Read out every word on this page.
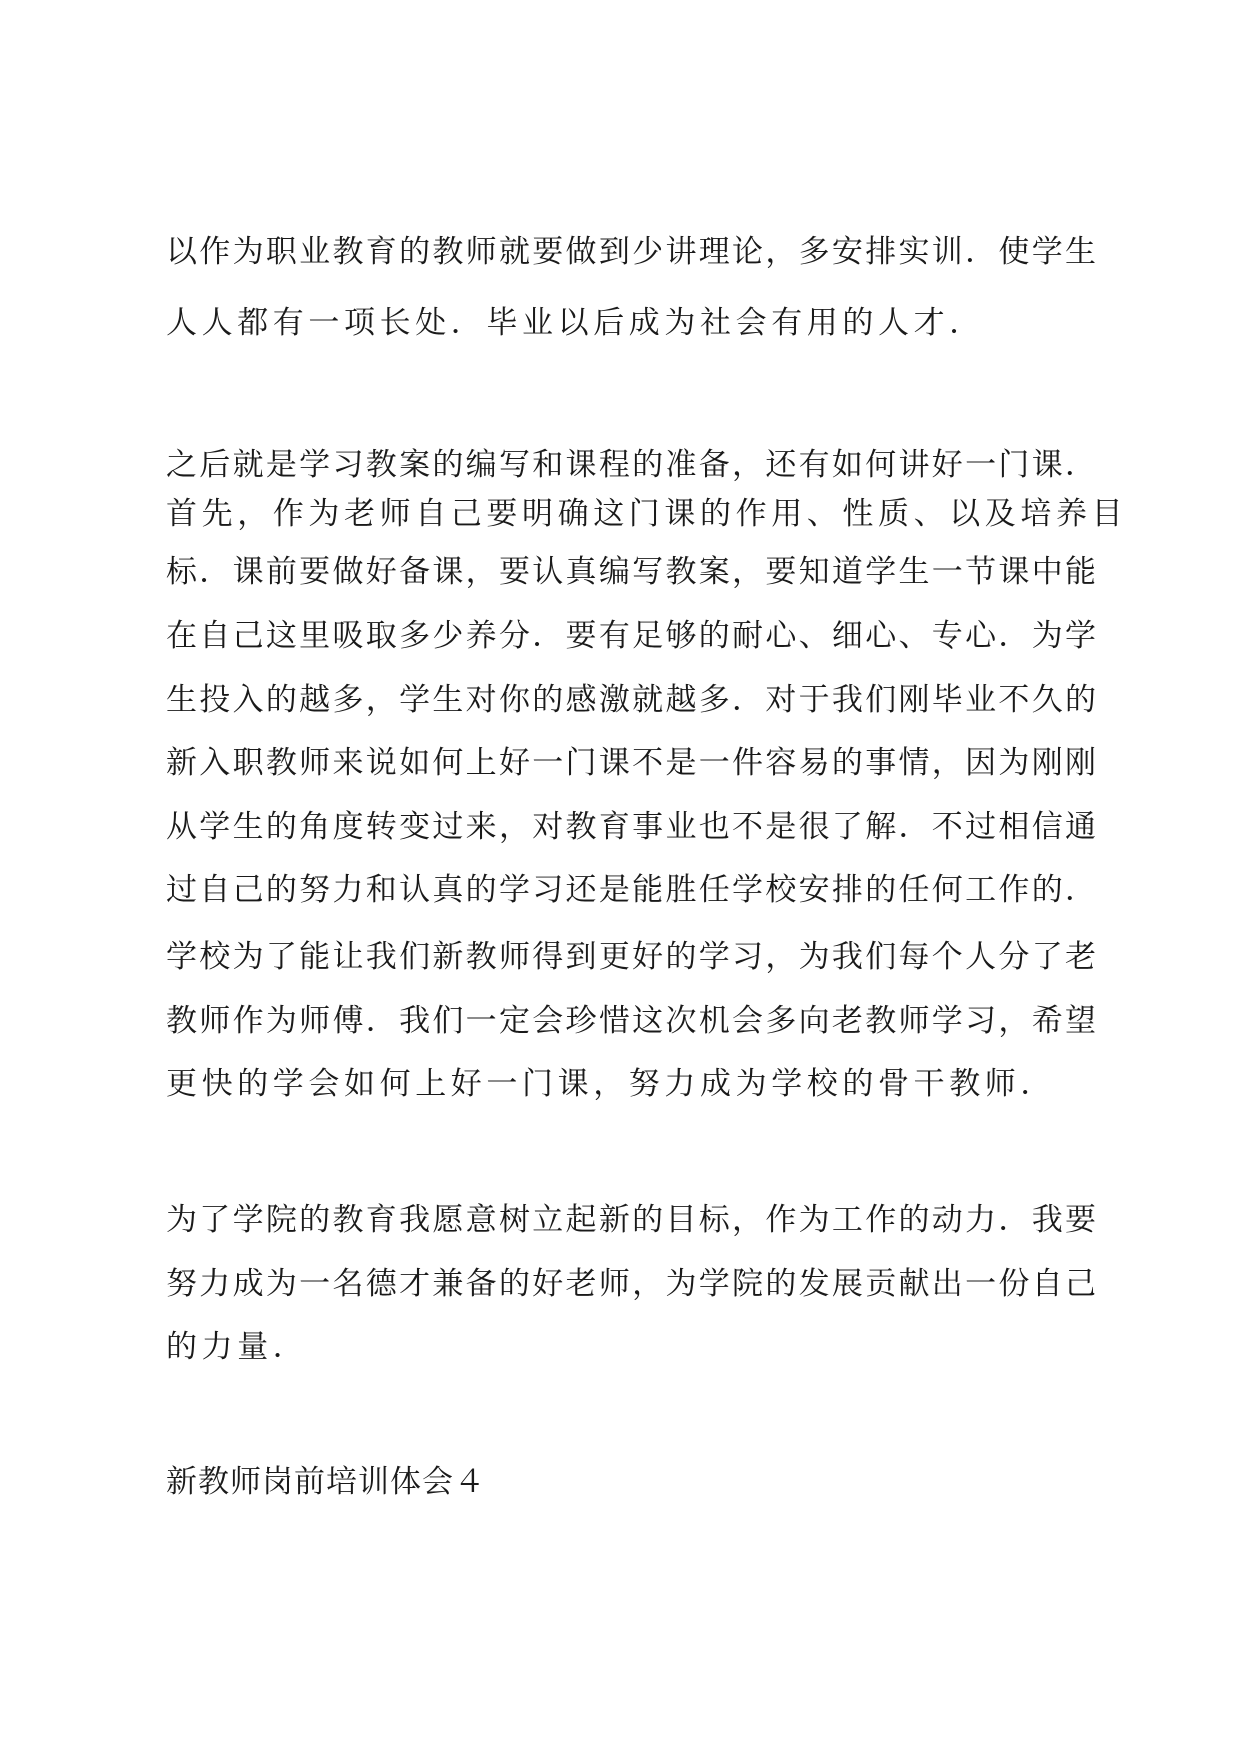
以作为职业教育的教师就要做到少讲理论，多安排实训．使学生
人人都有一项长处．毕业以后成为社会有用的人才．
之后就是学习教案的编写和课程的准备，还有如何讲好一门课．
首先，作为老师自己要明确这门课的作用、性质、以及培养目
标．课前要做好备课，要认真编写教案，要知道学生一节课中能
在自己这里吸取多少养分．要有足够的耐心、细心、专心．为学
生投入的越多，学生对你的感激就越多．对于我们刚毕业不久的
新入职教师来说如何上好一门课不是一件容易的事情，因为刚刚
从学生的角度转变过来，对教育事业也不是很了解．不过相信通
过自己的努力和认真的学习还是能胜任学校安排的任何工作的．
学校为了能让我们新教师得到更好的学习，为我们每个人分了老
教师作为师傅．我们一定会珍惜这次机会多向老教师学习，希望
更快的学会如何上好一门课，努力成为学校的骨干教师．
为了学院的教育我愿意树立起新的目标，作为工作的动力．我要
努力成为一名德才兼备的好老师，为学院的发展贡献出一份自己
的力量．
新教师岗前培训体会４
